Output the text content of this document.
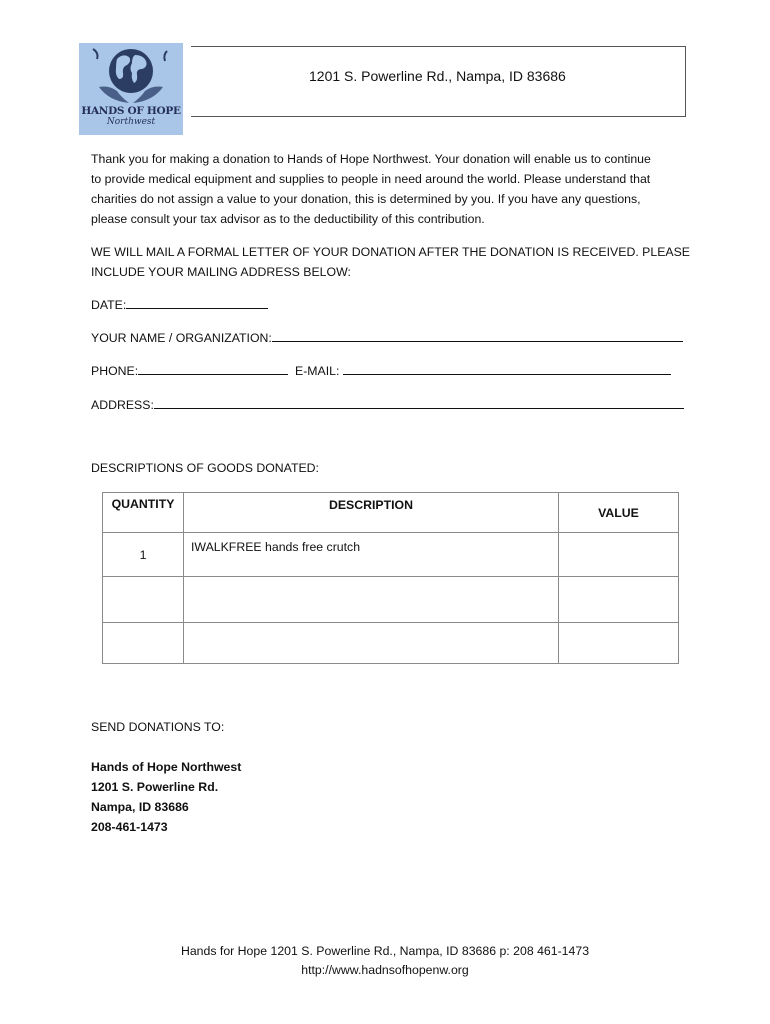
HANDS OF HOPE
Northwest
1201 S. Powerline Rd., Nampa, ID 83686

Thank you for making a donation to Hands of Hope Northwest. Your donation will enable us to continue
to provide medical equipment and supplies to people in need around the world. Please understand that
charities do not assign a value to your donation, this is determined by you. If you have any questions,
please consult your tax advisor as to the deductibility of this contribution.

WE WILL MAIL A FORMAL LETTER OF YOUR DONATION AFTER THE DONATION IS RECEIVED. PLEASE
INCLUDE YOUR MAILING ADDRESS BELOW:

DATE:
YOUR NAME / ORGANIZATION:
PHONE:	E-MAIL:
ADDRESS:
DESCRIPTIONS OF GOODS DONATED:
QUANTITY	DESCRIPTION	VALUE
1	IWALKFREE hands free crutch	

SEND DONATIONS TO:
Hands of Hope Northwest
1201 S. Powerline Rd.
Nampa, ID 83686
208-461-1473
Hands for Hope 1201 S. Powerline Rd., Nampa, ID 83686 p: 208 461-1473
http://www.hadnsofhopenw.org
